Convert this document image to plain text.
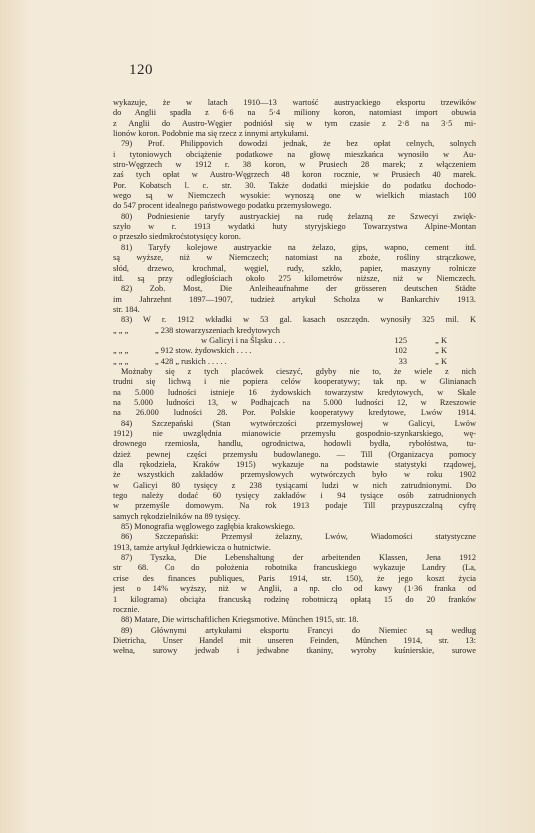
120
wykazuje, że w latach 1910—13 wartość austryackiego eksportu trzewików
do Anglii spadła z 6·6 na 5·4 miliony koron, natomiast import obuwia
z Anglii do Austro-Węgier podniósł się w tym czasie z 2·8 na 3·5 mi-
lionów koron. Podobnie ma się rzecz z innymi artykułami.
79) Prof. Philippovich dowodzi jednak, że bez opłat celnych, solnych
i tytoniowych obciążenie podatkowe na głowę mieszkańca wynosiło w Au-
stro-Węgrzech w 1912 r. 38 koron, w Prusiech 28 marek; z włączeniem
zaś tych opłat w Austro-Węgrzech 48 koron rocznie, w Prusiech 40 marek.
Por. Kobatsch l. c. str. 30. Także dodatki miejskie do podatku dochodo-
wego są w Niemczech wysokie: wynoszą one w wielkich miastach 100
do 547 procent idealnego państwowego podatku przemysłowego.
80) Podniesienie taryfy austryackiej na rudę żelazną ze Szwecyi zwięk-
szyło w r. 1913 wydatki huty styryjskiego Towarzystwa Alpine-Montan
o przeszło siedmkroćstotysięcy koron.
81) Taryfy kolejowe austryackie na żelazo, gips, wapno, cement itd.
są wyższe, niż w Niemczech; natomiast na zboże, rośliny strączkowe,
słód, drzewo, krochmal, węgiel, rudy, szkło, papier, maszyny rolnicze
itd. są przy odległościach około 275 kilometrów niższe, niż w Niemczech.
82) Zob. Most, Die Anleiheaufnahme der grösseren deutschen Städte
im Jahrzehnt 1897—1907, tudzież artykuł Scholza w Bankarchiv 1913.
str. 184.
83) W r. 1912 wkładki w 53 gal. kasach oszczędn. wynosiły 325 mil. K
„ „ „	„ 238 stowarzyszeniach kredytowych
w Galicyi i na Śląsku . . .	125	„ K
„ „ „	„ 912 stow. żydowskich . . . .	102	„ K
„ „ „	„ 428 „ ruskich . . . . .	33	„ K
Możnaby się z tych placówek cieszyć, gdyby nie to, że wiele z nich
trudni się lichwą i nie popiera celów kooperatywy; tak np. w Glinianach
na 5.000 ludności istnieje 16 żydowskich towarzystw kredytowych, w Skale
na 5.000 ludności 13, w Podhajcach na 5.000 ludności 12, w Rzeszowie
na 26.000 ludności 28. Por. Polskie kooperatywy kredytowe, Lwów 1914.
84) Szczepański (Stan wytwórczości przemysłowej w Galicyi, Lwów
1912) nie uwzględnia mianowicie przemysłu gospodnio-szynkarskiego, wę-
drownego rzemiosła, handlu, ogrodnictwa, hodowli bydła, rybołóstwa, tu-
dzież pewnej części przemysłu budowlanego. — Till (Organizacya pomocy
dla rękodzieła, Kraków 1915) wykazuje na podstawie statystyki rządowej,
że wszystkich zakładów przemysłowych wytwórczych było w roku 1902
w Galicyi 80 tysięcy z 238 tysiącami ludzi w nich zatrudnionymi. Do
tego należy dodać 60 tysięcy zakładów i 94 tysiące osób zatrudnionych
w przemyśle domowym. Na rok 1913 podaje Till przypuszczalną cyfrę
samych rękodzielników na 89 tysięcy.
85) Monografia węglowego zagłębia krakowskiego.
86) Szczepański: Przemysł żelazny, Lwów, Wiadomości statystyczne
1913, tamże artykuł Jędrkiewicza o hutnictwie.
87) Tyszka, Die Lebenshaltung der arbeitenden Klassen, Jena 1912
str 68. Co do położenia robotnika francuskiego wykazuje Landry (La,
crise des finances publiques, Paris 1914, str. 150), że jego koszt życia
jest o 14% wyższy, niż w Anglii, a np. cło od kawy (1·36 franka od
1 kilograma) obciąża francuską rodzinę robotniczą opłatą 15 do 20 franków
rocznie.
88) Matare, Die wirtschaftlichen Kriegsmotive. München 1915, str. 18.
89) Głównymi artykułami eksportu Francyi do Niemiec są według
Dietricha, Unser Handel mit unseren Feinden, München 1914, str. 13:
wełna, surowy jedwab i jedwabne tkaniny, wyroby kuśnierskie, surowe
